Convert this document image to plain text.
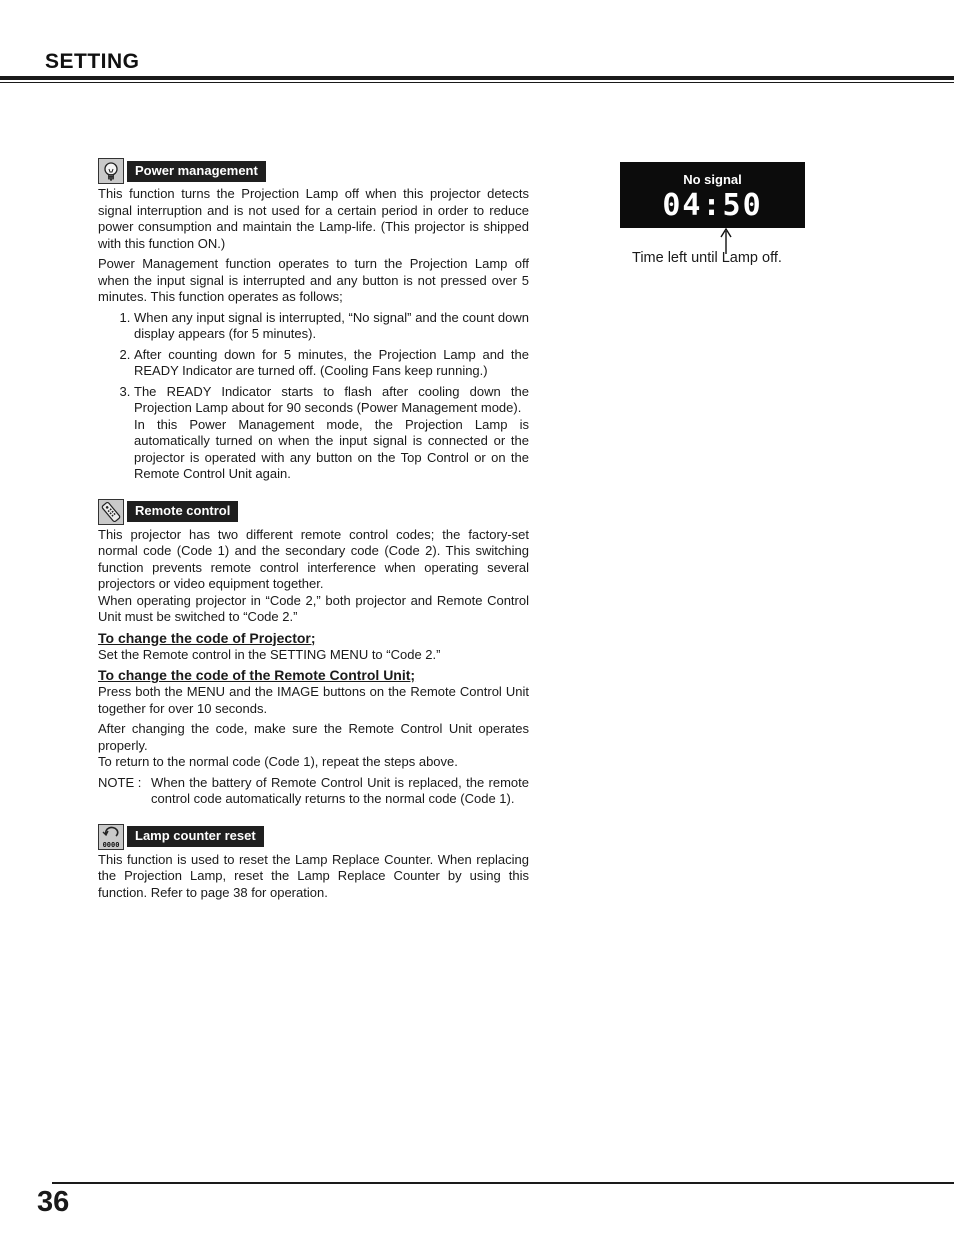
SETTING
Power management

This function turns the Projection Lamp off when this projector detects signal interruption and is not used for a certain period in order to reduce power consumption and maintain the Lamp-life. (This projector is shipped with this function ON.)

Power Management function operates to turn the Projection Lamp off when the input signal is interrupted and any button is not pressed over 5 minutes. This function operates as follows;

1. When any input signal is interrupted, “No signal” and the count down display appears (for 5 minutes).
2. After counting down for 5 minutes, the Projection Lamp and the READY Indicator are turned off. (Cooling Fans keep running.)
3. The READY Indicator starts to flash after cooling down the Projection Lamp about for 90 seconds (Power Management mode).
In this Power Management mode, the Projection Lamp is automatically turned on when the input signal is connected or the projector is operated with any button on the Top Control or on the Remote Control Unit again.
Remote control

This projector has two different remote control codes; the factory-set normal code (Code 1) and the secondary code (Code 2). This switching function prevents remote control interference when operating several projectors or video equipment together.

When operating projector in “Code 2,” both projector and Remote Control Unit must be switched to “Code 2.”

To change the code of Projector;

Set the Remote control in the SETTING MENU to “Code 2.”

To change the code of the Remote Control Unit;

Press both the MENU and the IMAGE buttons on the Remote Control Unit together for over 10 seconds.

After changing the code, make sure the Remote Control Unit operates properly.

To return to the normal code (Code 1), repeat the steps above.

NOTE : When the battery of Remote Control Unit is replaced, the remote control code automatically returns to the normal code (Code 1).
0000
Lamp counter reset

This function is used to reset the Lamp Replace Counter. When replacing the Projection Lamp, reset the Lamp Replace Counter by using this function. Refer to page 38 for operation.

No signal
04:50
Time left until Lamp off.
36
